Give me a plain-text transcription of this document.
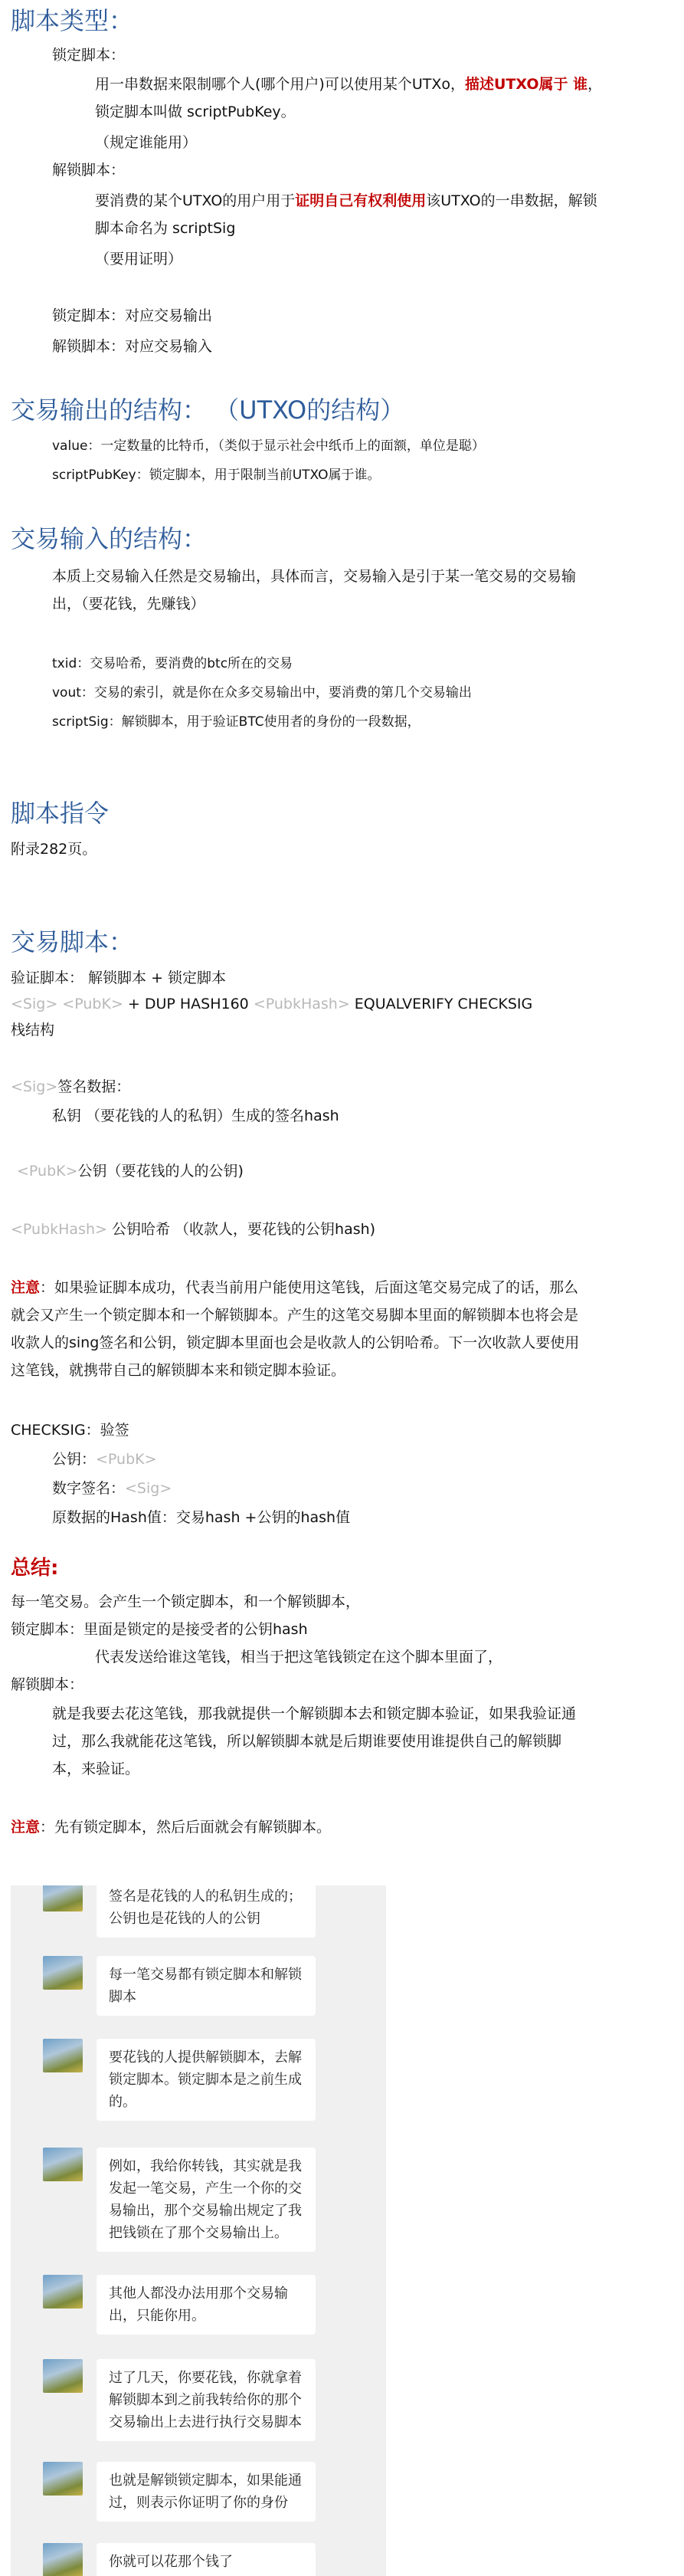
脚本类型：
锁定脚本：
用一串数据来限制哪个人(哪个用户)可以使用某个UTXo，描述UTXO属于 谁，
锁定脚本叫做 scriptPubKey。
（规定谁能用）
解锁脚本：
要消费的某个UTXO的用户用于证明自己有权利使用该UTXO的一串数据，解锁
脚本命名为 scriptSig
（要用证明）
锁定脚本：对应交易输出
解锁脚本：对应交易输入
交易输出的结构： （UTXO的结构）
value：一定数量的比特币，（类似于显示社会中纸币上的面额，单位是聪）
scriptPubKey：锁定脚本，用于限制当前UTXO属于谁。
交易输入的结构：
本质上交易输入任然是交易输出，具体而言，交易输入是引于某一笔交易的交易输
出，（要花钱，先赚钱）
txid：交易哈希，要消费的btc所在的交易
vout：交易的索引，就是你在众多交易输出中，要消费的第几个交易输出
scriptSig：解锁脚本，用于验证BTC使用者的身份的一段数据，
脚本指令
附录282页。
交易脚本：
验证脚本： 解锁脚本 + 锁定脚本
<Sig> <PubK> + DUP HASH160 <PubkHash> EQUALVERIFY CHECKSIG
栈结构
<Sig>签名数据：
私钥 （要花钱的人的私钥）生成的签名hash
<PubK>公钥（要花钱的人的公钥)
<PubkHash> 公钥哈希 （收款人，要花钱的公钥hash)
注意：如果验证脚本成功，代表当前用户能使用这笔钱，后面这笔交易完成了的话，那么
就会又产生一个锁定脚本和一个解锁脚本。产生的这笔交易脚本里面的解锁脚本也将会是
收款人的sing签名和公钥，锁定脚本里面也会是收款人的公钥哈希。下一次收款人要使用
这笔钱，就携带自己的解锁脚本来和锁定脚本验证。
CHECKSIG：验签
公钥：<PubK>
数字签名：<Sig>
原数据的Hash值：交易hash +公钥的hash值
总结:
每一笔交易。会产生一个锁定脚本，和一个解锁脚本，
锁定脚本：里面是锁定的是接受者的公钥hash
代表发送给谁这笔钱，相当于把这笔钱锁定在这个脚本里面了，
解锁脚本：
就是我要去花这笔钱，那我就提供一个解锁脚本去和锁定脚本验证，如果我验证通
过，那么我就能花这笔钱，所以解锁脚本就是后期谁要使用谁提供自己的解锁脚
本，来验证。
注意：先有锁定脚本，然后后面就会有解锁脚本。
签名是花钱的人的私钥生成的；公钥也是花钱的人的公钥
每一笔交易都有锁定脚本和解锁脚本
要花钱的人提供解锁脚本，去解锁定脚本。锁定脚本是之前生成的。
例如，我给你转钱，其实就是我发起一笔交易，产生一个你的交易输出，那个交易输出规定了我把钱锁在了那个交易输出上。
其他人都没办法用那个交易输出，只能你用。
过了几天，你要花钱，你就拿着解锁脚本到之前我转给你的那个交易输出上去进行执行交易脚本
也就是解锁锁定脚本，如果能通过，则表示你证明了你的身份
你就可以花那个钱了
